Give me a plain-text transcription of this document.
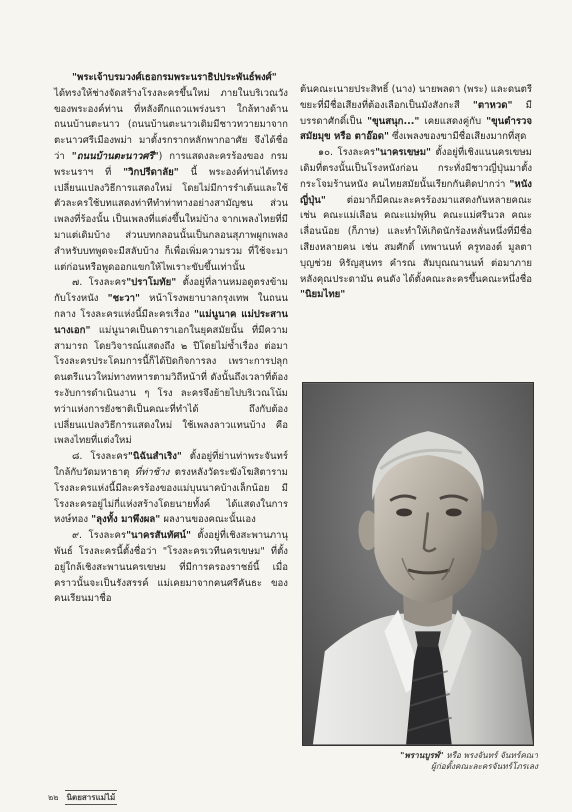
"พระเจ้าบรมวงศ์เธอกรมพระนราธิปประพันธ์พงศ์" ได้ทรงให้ช่างจัดสร้างโรงละครขึ้นใหม่ ภายในบริเวณวังของพระองค์ท่าน ที่หลังตึกแถวแพร่งนรา ใกล้ทางด้านถนนบ้านตะนาว (ถนนบ้านตะนาวเดิมมีชาวทวายมาจากตะนาวศรีเมืองพม่า มาตั้งรกรากหลักพากอาศัย จึงได้ชื่อว่า "ถนนบ้านตะนาวศรี") การแสดงละครร้องของ กรมพระนราฯ ที่ "วิกปรีดาลัย" นี้ พระองค์ท่านได้ทรงเปลี่ยนแปลงวิธีการแสดงใหม่ โดยไม่มีการรำเต้นและใช้ตัวละครใช้บทแสดงท่าทีทำท่าทางอย่างสามัญชน ส่วนเพลงที่ร้องนั้น เป็นเพลงที่แต่งขึ้นใหม่บ้าง จากเพลงไทยที่มีมาแต่เดิมบ้าง ส่วนบทกลอนนั้นเป็นกลอนสุภาพผูกเพลง สำหรับบทพูดจะมีสลับบ้าง ก็เพื่อเพิ่มความรวม ที่ใช้จะมาแต่ก่อนหรือพูดออกแขกให้ไพเราะขับขึ้นเท่านั้น

๗. โรงละคร"ปราโมทัย" ตั้งอยู่ที่ลานหมอดูตรงข้ามกับโรงหนัง "ชะวา" หน้าโรงพยาบาลกรุงเทพ ในถนนกลาง โรงละครแห่งนี้มีละครเรื่อง "แม่นูนาค แม่ประสานนางเอก" แม่นูนาคเป็นดาราเอกในยุคสมัยนั้น ที่มีความสามารถ โดยวิจารณ์แสดงถึง ๒ ปีโดยไม่ซ้ำเรื่อง ต่อมาโรงละครประโคมการนี้ก็ได้ปิดกิจการลง เพราะการปลุกดนตรีแนวใหม่ทางทหารตามวิถีหน้าที่ ดังนั้นถึงเวลาที่ต้องระงับการดำเนินงาน ๆ โรง ละครจึงย้ายไปบริเวณโน้ม ทว่าแห่งการยังชาติเป็นคณะที่ทำได้ ถึงกับต้องเปลี่ยนแปลงวิธีการแสดงใหม่ ใช้เพลงลาวแทนบ้าง คือเพลงไทยที่แต่งใหม่

๘. โรงละคร"นิฉันสำเริง" ตั้งอยู่ที่ย่านท่าพระจันทร์ ใกล้กับวัดมหาธาตุ ที่ท่าช้าง ตรงหลังวัดระฆังโฆสิตาราม โรงละครแห่งนี้มีละครร้องของแม่บุนนาคบ้างเล็กน้อย มีโรงละครอยู่ไม่กี่แห่งสร้างโดยนายทั้งค์ ได้แสดงในการหงษ์ทอง "ลุงทั้ง มาพึงผล" ผลงานของคณะนั้นเอง

๙. โรงละคร"นาครสันทัศน์" ตั้งอยู่ที่เชิงสะพานภานุพันธ์ โรงละครนี้ตั้งชื่อว่า "โรงละครเวทีนครเขษม" ที่ตั้งอยู่ใกล้เชิงสะพานนครเขษม ที่มีการครองราชย์นี้ เมื่อคราวนั้นจะเป็นรังสรรค์ แม่เคยมาจากคนศรีคันธะ ของคนเรียนมาชื่อ

ต้นคณะเนายประสิทธิ์ (นาง) นายพลดา (พระ) และดนตรีขยะที่มีชื่อเสียงที่ต้องเลือกเป็นมังสังกะสี "ตาหวด" มีบรรดาศักดิ์เป็น "ขุนสนุก..." เคยแสดงคู่กับ "ขุนตำรวจสมัยมุข หรือ ตาอ๊อด" ซึ่งเพลงของขามีชื่อเสียงมากที่สุด

๑๐. โรงละคร"นาครเขษม" ตั้งอยู่ที่เชิงแนนครเขษมเดิมที่ตรงนั้นเป็นโรงหนังก่อน กระทั่งมีชาวญี่ปุ่นมาตั้งกระโจมร้านหนัง คนไทยสมัยนั้นเรียกกันติดปากว่า "หนังญี่ปุ่น" ต่อมาก็มีคณะละครร้องมาแสดงกันหลายคณะ เช่น คณะแม่เลือน คณะแม่พุทิน คณะแม่ศรีนวล คณะเลื่อนน้อย (ก็ภาษ) และทำให้เกิดนักร้องหลั่นหนึ่งที่มีชื่อเสียงหลายคน เช่น สมศักดิ์ เทพานนท์ ครูทองต์ มูลตา บุญช่วย หิรัญสุนทร คำรณ สัมบุณณานนท์ ต่อมาภายหลังคุณประดามัน คนดัง ได้ตั้งคณะละครขึ้นคณะหนึ่งชื่อ "นิยมไทย"

"พรานบูรพ์" หรือ พรงจันทร์ จันทร์คณา
ผู้ก่อตั้งคณะละครจันทร์โภรเลง
๒๒ นิตยสารแม่ไม้
